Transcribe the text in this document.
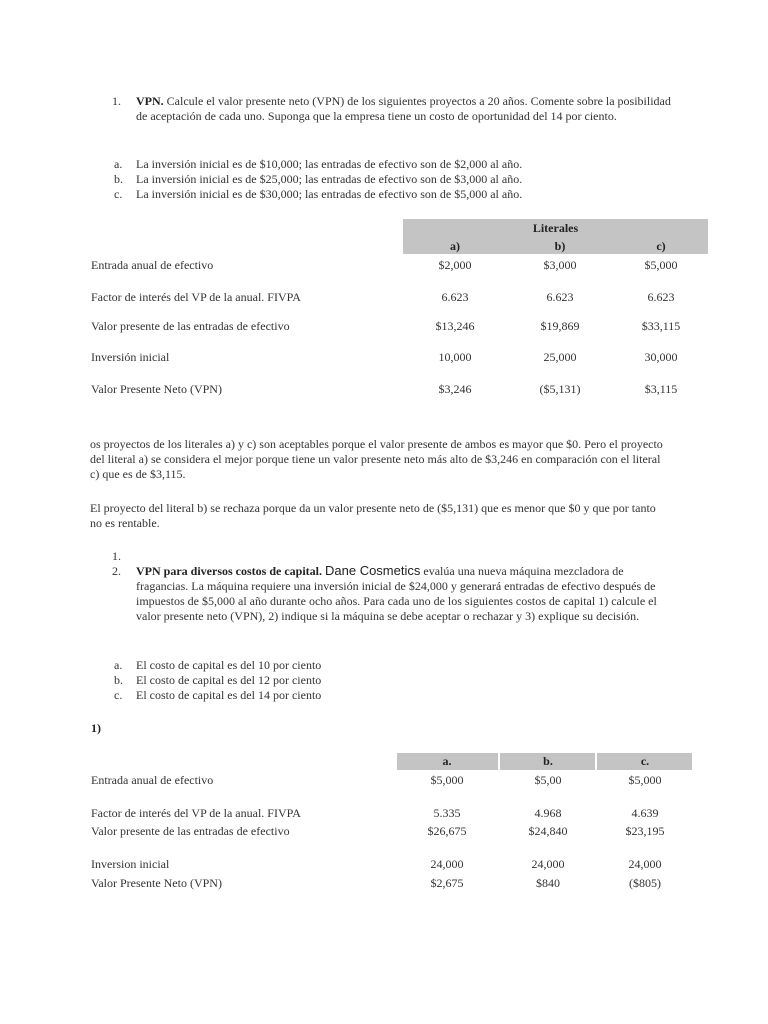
1.	VPN. Calcule el valor presente neto (VPN) de los siguientes proyectos a 20 años. Comente sobre la posibilidad de aceptación de cada uno. Suponga que la empresa tiene un costo de oportunidad del 14 por ciento.
a. La inversión inicial es de $10,000; las entradas de efectivo son de $2,000 al año.
b. La inversión inicial es de $25,000; las entradas de efectivo son de $3,000 al año.
c. La inversión inicial es de $30,000; las entradas de efectivo son de $5,000 al año.
Literales
a)	b)	c)
Entrada anual de efectivo	$2,000	$3,000	$5,000
Factor de interés del VP de la anual. FIVPA	6.623	6.623	6.623
Valor presente de las entradas de efectivo	$13,246	$19,869	$33,115
Inversión inicial	10,000	25,000	30,000
Valor Presente Neto (VPN)	$3,246	($5,131)	$3,115
os proyectos de los literales a) y c) son aceptables porque el valor presente de ambos es mayor que $0. Pero el proyecto del literal a) se considera el mejor porque tiene un valor presente neto más alto de $3,246 en comparación con el literal c) que es de $3,115.
El proyecto del literal b) se rechaza porque da un valor presente neto de ($5,131) que es menor que $0 y que por tanto no es rentable.
1.
2.	VPN para diversos costos de capital. Dane Cosmetics evalúa una nueva máquina mezcladora de fragancias. La máquina requiere una inversión inicial de $24,000 y generará entradas de efectivo después de impuestos de $5,000 al año durante ocho años. Para cada uno de los siguientes costos de capital 1) calcule el valor presente neto (VPN), 2) indique si la máquina se debe aceptar o rechazar y 3) explique su decisión.
a. El costo de capital es del 10 por ciento
b. El costo de capital es del 12 por ciento
c. El costo de capital es del 14 por ciento
1)
a.	b.	c.
Entrada anual de efectivo	$5,000	$5,00	$5,000
Factor de interés del VP de la anual. FIVPA	5.335	4.968	4.639
Valor presente de las entradas de efectivo	$26,675	$24,840	$23,195
Inversion inicial	24,000	24,000	24,000
Valor Presente Neto (VPN)	$2,675	$840	($805)
